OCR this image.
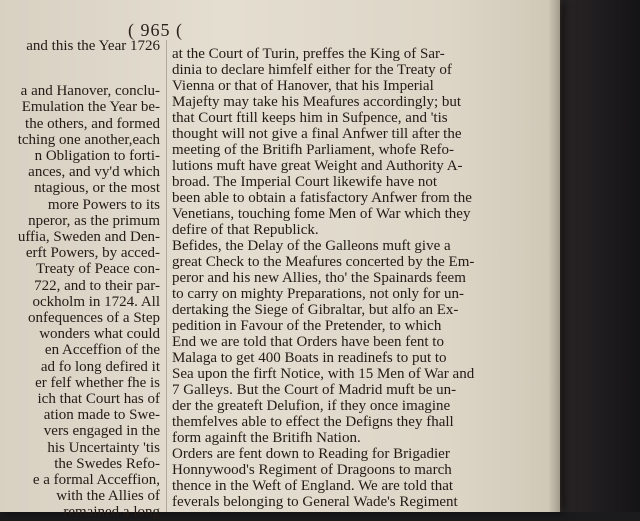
( 965 (
and this the Year 1726
a and Hanover, conclu-
Emulation the Year be-
the others, and formed
tching one another,each
n Obligation to forti-
ances, and vy'd which
ntagious, or the most
more Powers to its
nperor, as the primum
uffia, Sweden and Den-
erft Powers, by acced-
Treaty of Peace con-
722, and to their par-
ockholm in 1724. All
onfequences of a Step
wonders what could
en Acceffion of the
ad fo long defired it
er felf whether fhe is
ich that Court has of
ation made to Swe-
vers engaged in the
his Uncertainty 'tis
the Swedes Refo-
e a formal Acceffion,
with the Allies of
remained a long
at the Court of Turin, preffes the King of Sar-
dinia to declare himfelf either for the Treaty of
Vienna or that of Hanover, that his Imperial
Majefty may take his Meafures accordingly; but
that Court ftill keeps him in Sufpence, and 'tis
thought will not give a final Anfwer till after the
meeting of the Britifh Parliament, whofe Refo-
lutions muft have great Weight and Authority A-
broad. The Imperial Court likewife have not
been able to obtain a fatisfactory Anfwer from the
Venetians, touching fome Men of War which they
defire of that Republick.
Befides, the Delay of the Galleons muft give a
great Check to the Meafures concerted by the Em-
peror and his new Allies, tho' the Spainards feem
to carry on mighty Preparations, not only for un-
dertaking the Siege of Gibraltar, but alfo an Ex-
pedition in Favour of the Pretender, to which
End we are told that Orders have been fent to
Malaga to get 400 Boats in readinefs to put to
Sea upon the firft Notice, with 15 Men of War and
7 Galleys. But the Court of Madrid muft be un-
der the greateft Delufion, if they once imagine
themfelves able to effect the Defigns they fhall
form againft the Britifh Nation.
Orders are fent down to Reading for Brigadier
Honnywood's Regiment of Dragoons to march
thence in the Weft of England. We are told that
feverals belonging to General Wade's Regiment
